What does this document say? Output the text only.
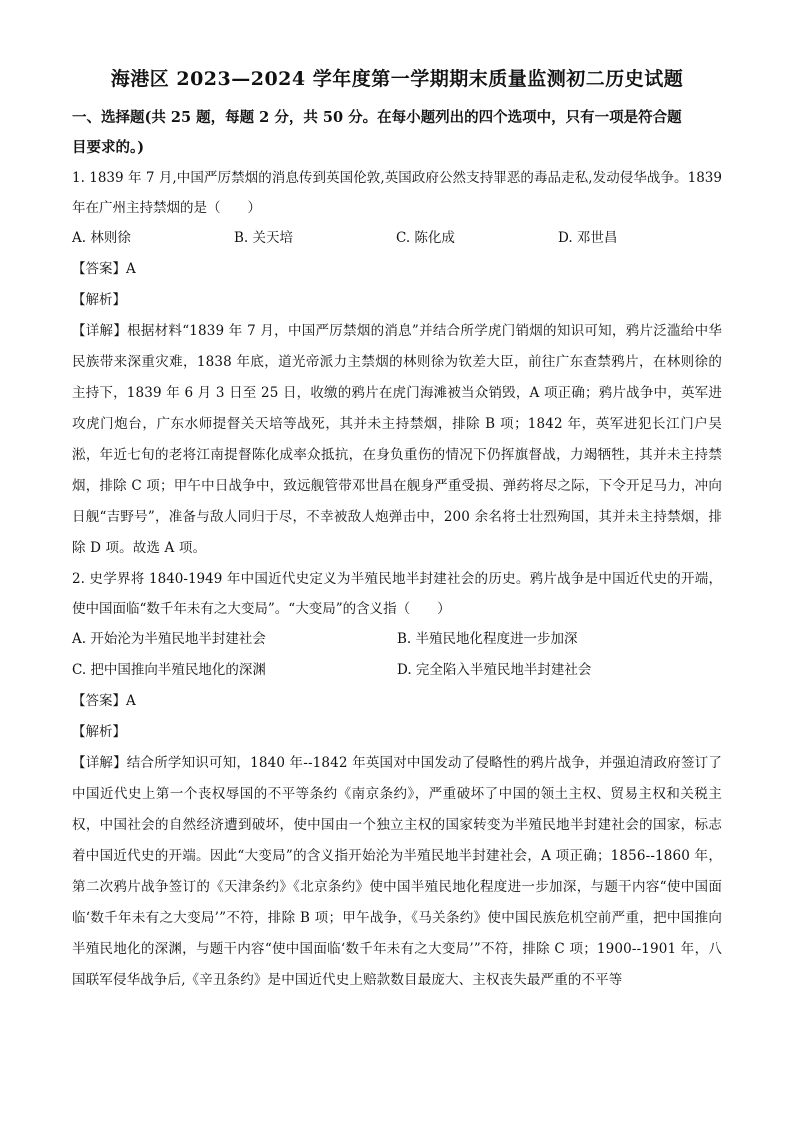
海港区 2023—2024 学年度第一学期期末质量监测初二历史试题

一、选择题(共 25 题，每题 2 分，共 50 分。在每小题列出的四个选项中，只有一项是符合题
目要求的。)

1. 1839 年 7 月,中国严厉禁烟的消息传到英国伦敦,英国政府公然支持罪恶的毒品走私,发动侵华战争。1839 年在广州主持禁烟的是（　　）

A. 林则徐	B. 关天培	C. 陈化成	D. 邓世昌

【答案】A

【解析】

【详解】根据材料“1839 年 7 月，中国严厉禁烟的消息”并结合所学虎门销烟的知识可知，鸦片泛滥给中华民族带来深重灾难，1838 年底，道光帝派力主禁烟的林则徐为钦差大臣，前往广东查禁鸦片，在林则徐的主持下，1839 年 6 月 3 日至 25 日，收缴的鸦片在虎门海滩被当众销毁，A 项正确；鸦片战争中，英军进攻虎门炮台，广东水师提督关天培等战死，其并未主持禁烟，排除 B 项；1842 年，英军进犯长江门户吴淞，年近七旬的老将江南提督陈化成率众抵抗，在身负重伤的情况下仍挥旗督战，力竭牺牲，其并未主持禁烟，排除 C 项；甲午中日战争中，致远舰管带邓世昌在舰身严重受损、弹药将尽之际，下令开足马力，冲向日舰“吉野号”，准备与敌人同归于尽，不幸被敌人炮弹击中，200 余名将士壮烈殉国，其并未主持禁烟，排除 D 项。故选 A 项。

2. 史学界将 1840-1949 年中国近代史定义为半殖民地半封建社会的历史。鸦片战争是中国近代史的开端，使中国面临“数千年未有之大变局”。“大变局”的含义指（　　）

A. 开始沦为半殖民地半封建社会	B. 半殖民地化程度进一步加深
C. 把中国推向半殖民地化的深渊	D. 完全陷入半殖民地半封建社会

【答案】A

【解析】

【详解】结合所学知识可知，1840 年--1842 年英国对中国发动了侵略性的鸦片战争，并强迫清政府签订了中国近代史上第一个丧权辱国的不平等条约《南京条约》，严重破坏了中国的领土主权、贸易主权和关税主权，中国社会的自然经济遭到破坏，使中国由一个独立主权的国家转变为半殖民地半封建社会的国家，标志着中国近代史的开端。因此“大变局”的含义指开始沦为半殖民地半封建社会，A 项正确；1856--1860 年，第二次鸦片战争签订的《天津条约》《北京条约》使中国半殖民地化程度进一步加深，与题干内容“使中国面临‘数千年未有之大变局’”不符，排除 B 项；甲午战争，《马关条约》使中国民族危机空前严重，把中国推向半殖民地化的深渊，与题干内容“使中国面临‘数千年未有之大变局’”不符，排除 C 项；1900--1901 年，八国联军侵华战争后,《辛丑条约》是中国近代史上赔款数目最庞大、主权丧失最严重的不平等
